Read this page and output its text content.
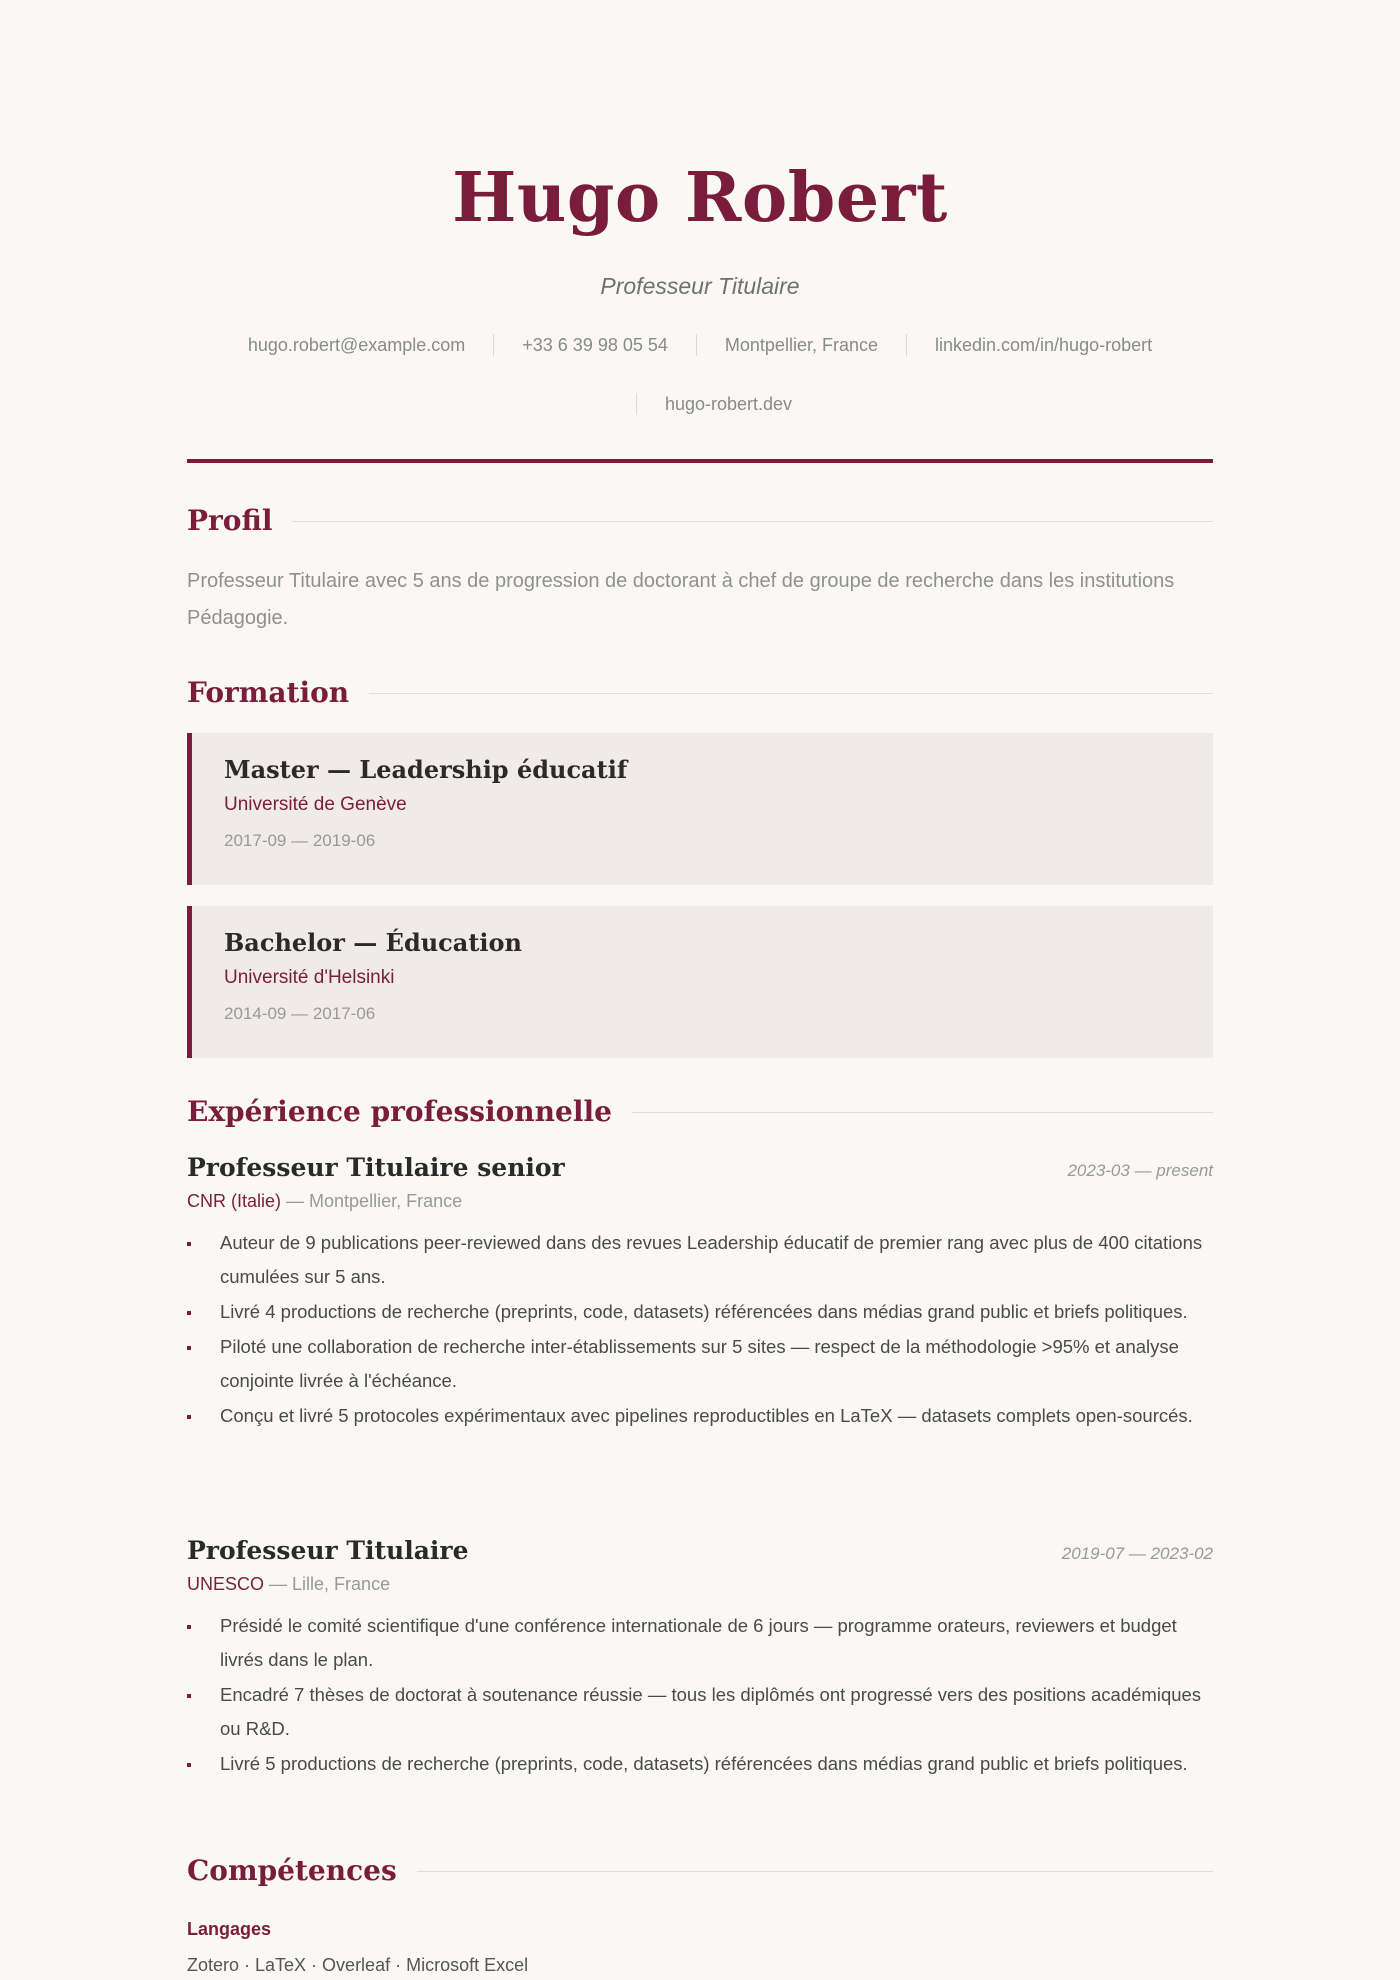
Hugo Robert
Professeur Titulaire
hugo.robert@example.com	+33 6 39 98 05 54	Montpellier, France	linkedin.com/in/hugo-robert
hugo-robert.dev
Profil
Professeur Titulaire avec 5 ans de progression de doctorant à chef de groupe de recherche dans les institutions Pédagogie.
Formation
Master — Leadership éducatif
Université de Genève
2017-09 — 2019-06
Bachelor — Éducation
Université d'Helsinki
2014-09 — 2017-06
Expérience professionnelle
Professeur Titulaire senior	2023-03 — present
CNR (Italie) — Montpellier, France
Auteur de 9 publications peer-reviewed dans des revues Leadership éducatif de premier rang avec plus de 400 citations cumulées sur 5 ans.
Livré 4 productions de recherche (preprints, code, datasets) référencées dans médias grand public et briefs politiques.
Piloté une collaboration de recherche inter-établissements sur 5 sites — respect de la méthodologie >95% et analyse conjointe livrée à l'échéance.
Conçu et livré 5 protocoles expérimentaux avec pipelines reproductibles en LaTeX — datasets complets open-sourcés.
Professeur Titulaire	2019-07 — 2023-02
UNESCO — Lille, France
Présidé le comité scientifique d'une conférence internationale de 6 jours — programme orateurs, reviewers et budget livrés dans le plan.
Encadré 7 thèses de doctorat à soutenance réussie — tous les diplômés ont progressé vers des positions académiques ou R&D.
Livré 5 productions de recherche (preprints, code, datasets) référencées dans médias grand public et briefs politiques.
Compétences
Langages
Zotero · LaTeX · Overleaf · Microsoft Excel
